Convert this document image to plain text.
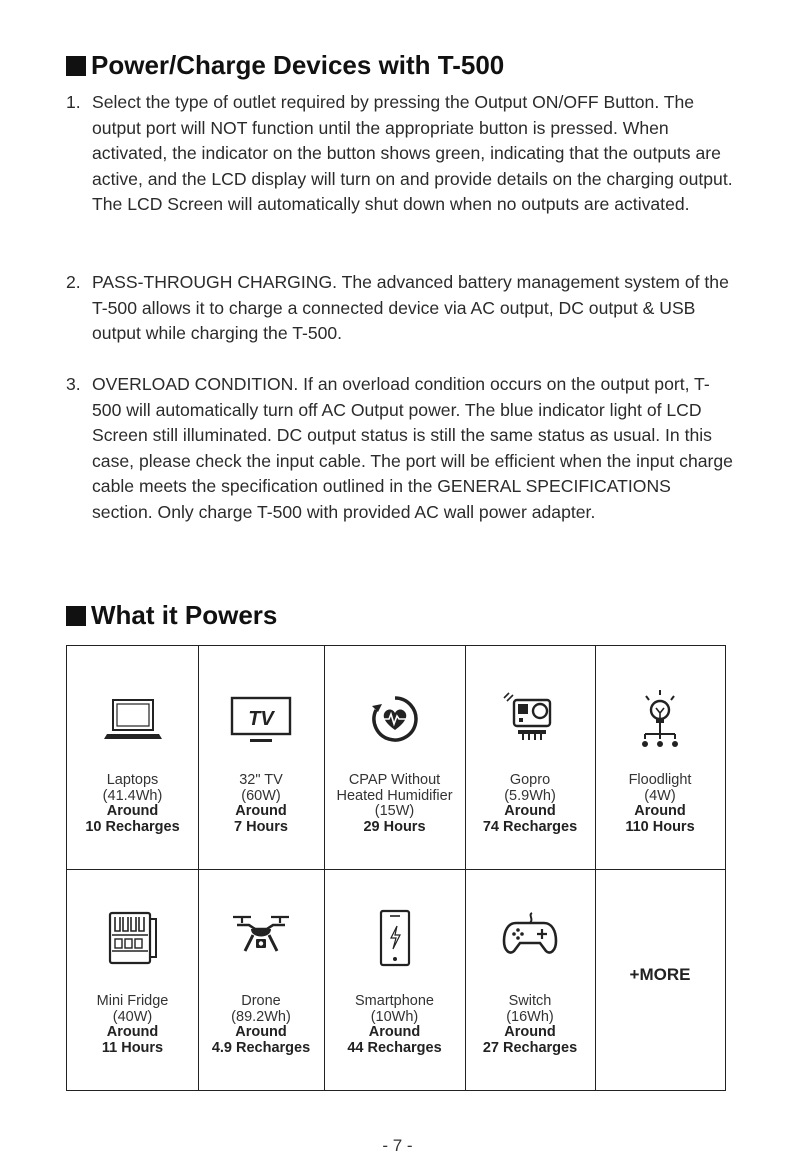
Power/Charge Devices with T-500
1. Select the type of outlet required by pressing the Output ON/OFF Button. The output port will NOT function until the appropriate button is pressed. When activated, the indicator on the button shows green, indicating that the outputs are active, and the LCD display will turn on and provide details on the charging output. The LCD Screen will automatically shut down when no outputs are activated.
2. PASS-THROUGH CHARGING. The advanced battery management system of the T-500 allows it to charge a connected device via AC output, DC output & USB output while charging the T-500.
3. OVERLOAD CONDITION. If an overload condition occurs on the output port, T-500 will automatically turn off AC Output power. The blue indicator light of LCD Screen still illuminated. DC output status is still the same status as usual. In this case, please check the input cable. The port will be efficient when the input charge cable meets the specification outlined in the GENERAL SPECIFICATIONS section. Only charge T-500 with provided AC wall power adapter.
What it Powers
Laptops
(41.4Wh)
Around
10 Recharges
TV
32" TV
(60W)
Around
7 Hours
CPAP Without
Heated Humidifier
(15W)
29 Hours
Gopro
(5.9Wh)
Around
74 Recharges
Floodlight
(4W)
Around
110 Hours
Mini Fridge
(40W)
Around
11 Hours
Drone
(89.2Wh)
Around
4.9 Recharges
Smartphone
(10Wh)
Around
44 Recharges
Switch
(16Wh)
Around
27 Recharges
+MORE
- 7 -
